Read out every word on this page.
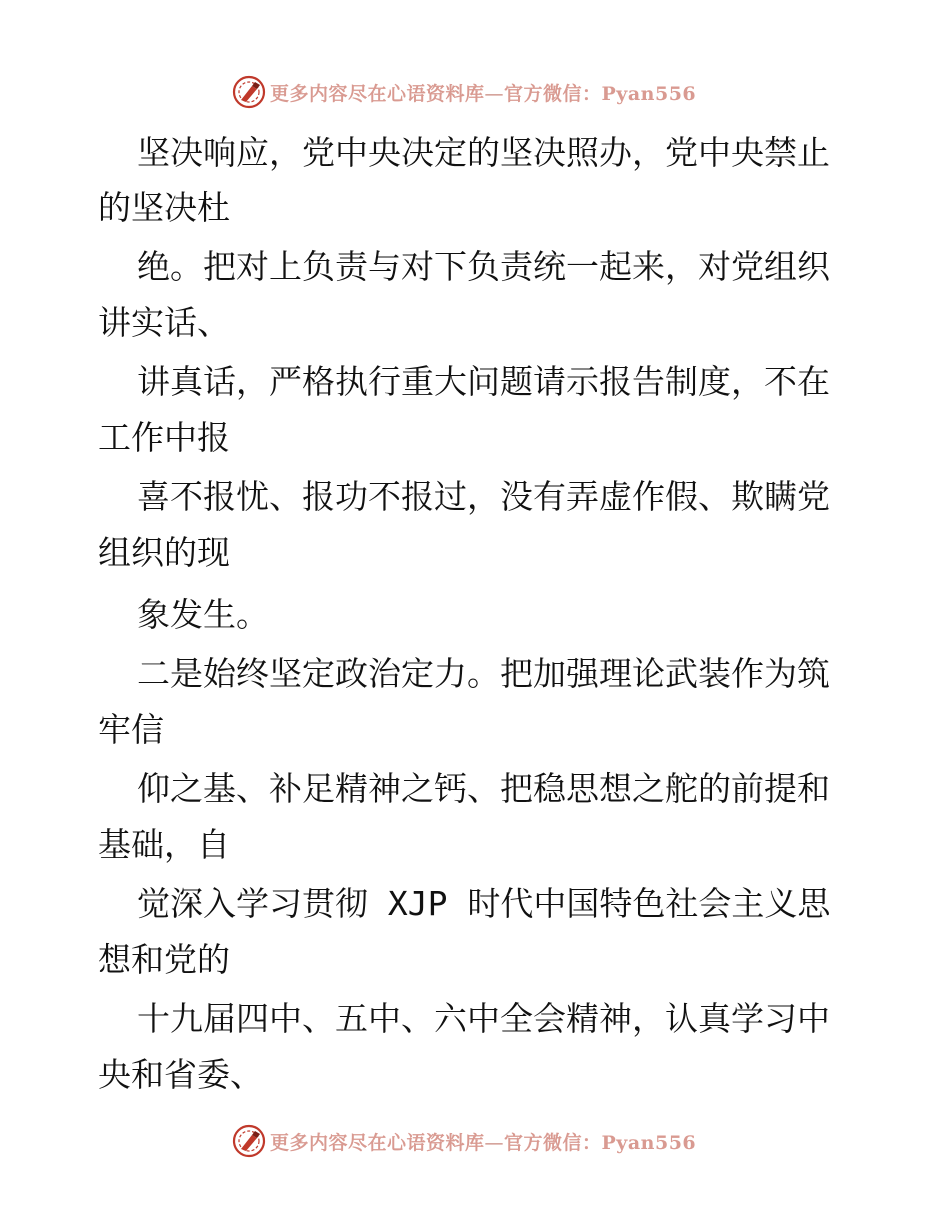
更多内容尽在心语资料库—官方微信：Pyan556
坚决响应，党中央决定的坚决照办，党中央禁止
的坚决杜
绝。把对上负责与对下负责统一起来，对党组织
讲实话、
讲真话，严格执行重大问题请示报告制度，不在
工作中报
喜不报忧、报功不报过，没有弄虚作假、欺瞒党
组织的现
象发生。
二是始终坚定政治定力。把加强理论武装作为筑
牢信
仰之基、补足精神之钙、把稳思想之舵的前提和
基础，自
觉深入学习贯彻 XJP 时代中国特色社会主义思
想和党的
十九届四中、五中、六中全会精神，认真学习中
央和省委、
更多内容尽在心语资料库—官方微信：Pyan556
